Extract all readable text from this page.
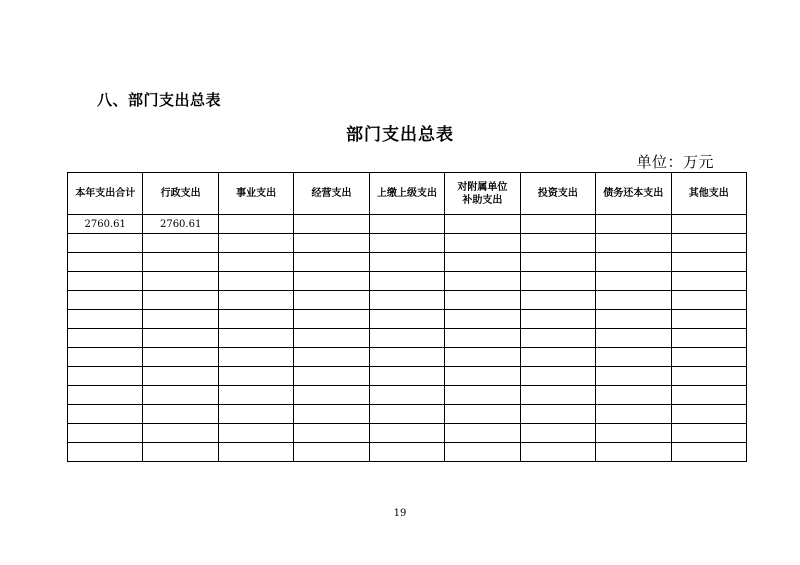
八、部门支出总表
部门支出总表
单位：万元
本年支出合计	行政支出	事业支出	经营支出	上缴上级支出	对附属单位补助支出	投资支出	债务还本支出	其他支出
2760.61	2760.61							

19
